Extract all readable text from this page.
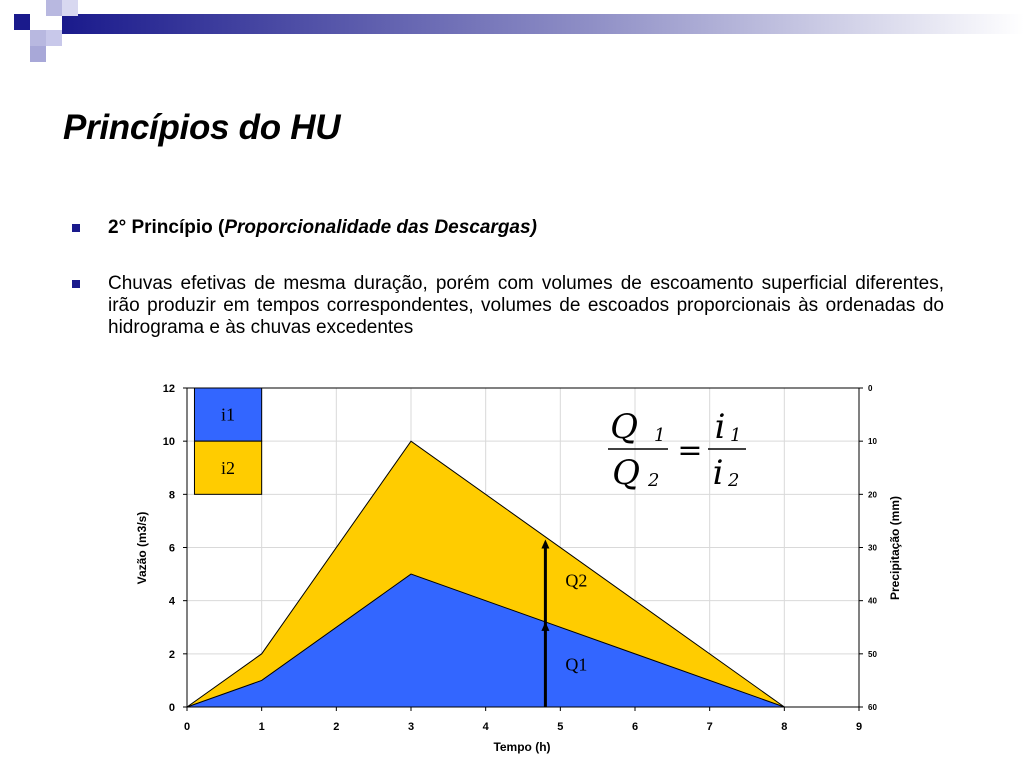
Princípios do HU
2° Princípio (Proporcionalidade das Descargas)
Chuvas efetivas de mesma duração, porém com volumes de escoamento superficial diferentes, irão produzir em tempos correspondentes, volumes de escoados proporcionais às ordenadas do hidrograma e às chuvas excedentes
0	1	2	3	4	5	6	7	8	9
0
2
4
6
8
10
12
60
50
40
30
20
10
0
i1
i2
Q1
Q2
Tempo (h)
Vazão (m3/s)	Precipitação (mm)
Q 1
Q 2
=
i 1
i 2
